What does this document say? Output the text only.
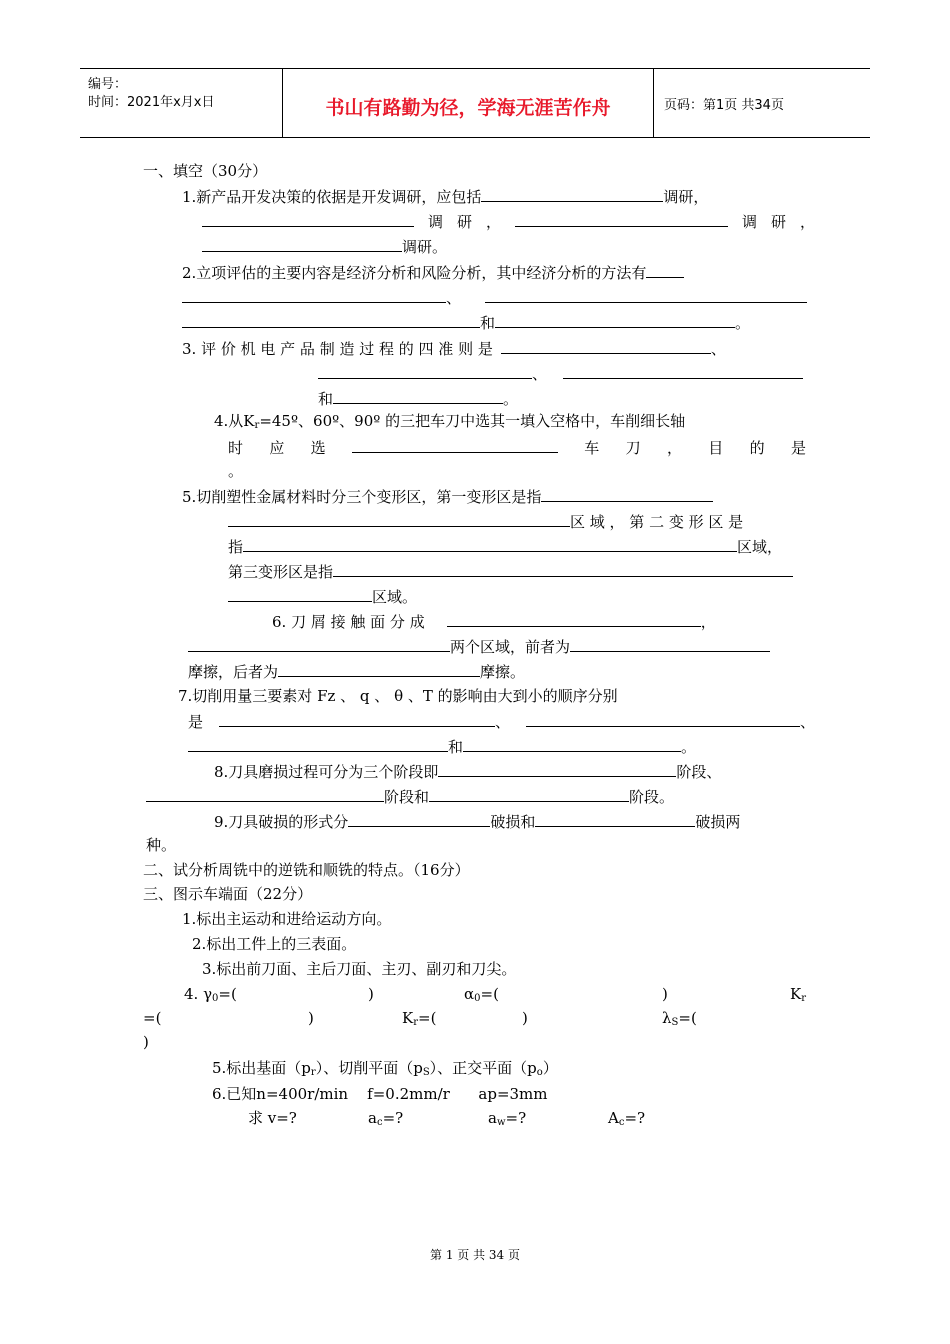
编号：
时间：2021年x月x日	书山有路勤为径，学海无涯苦作舟	页码：第1页 共34页
一、填空（30分）
1.新产品开发决策的依据是开发调研，应包括	调研，
调 研 ，	调 研 ，
调研。
2.立项评估的主要内容是经济分析和风险分析，其中经济分析的方法有
、
和	。
3. 评 价 机 电 产 品 制 造 过 程 的 四 准 则 是	、
、
和	。
4.从$K_r=45º$、60º、90º 的三把车刀中选其一填入空格中，车削细长轴
时 应 选	车 刀 ， 目 的 是
。
5.切削塑性金属材料时分三个变形区，第一变形区是指
区 域 ， 第 二 变 形 区 是
指	区域，
第三变形区是指
区域。
6. 刀 屑 接 触 面 分 成	，
两个区域，前者为
摩擦，后者为	摩擦。
7.切削用量三要素对 Fz 、 q 、 θ 、T 的影响由大到小的顺序分别
是	、	、
和	。
8.刀具磨损过程可分为三个阶段即	阶段、
阶段和	阶段。
9.刀具破损的形式分	破损和	破损两
种。
二、试分析周铣中的逆铣和顺铣的特点。（16分）
三、图示车端面（22分）
1.标出主运动和进给运动方向。
2.标出工件上的三表面。
3.标出前刀面、主后刀面、主刃、副刃和刀尖。
4. $\gamma_0=$(	)	$\alpha_0=$(	)	$K_r$
=(	)	$K_r=$(	)	$\lambda_S=$(
)
5.标出基面$(p_r)$、切削平面$(p_S)$、正交平面$(p_o)$
6.已知n=400r/min    f=0.2mm/r      ap=3mm
求 v=?	$a_c=$?	$a_w=$?	$A_c=$?
第 1 页 共 34 页
